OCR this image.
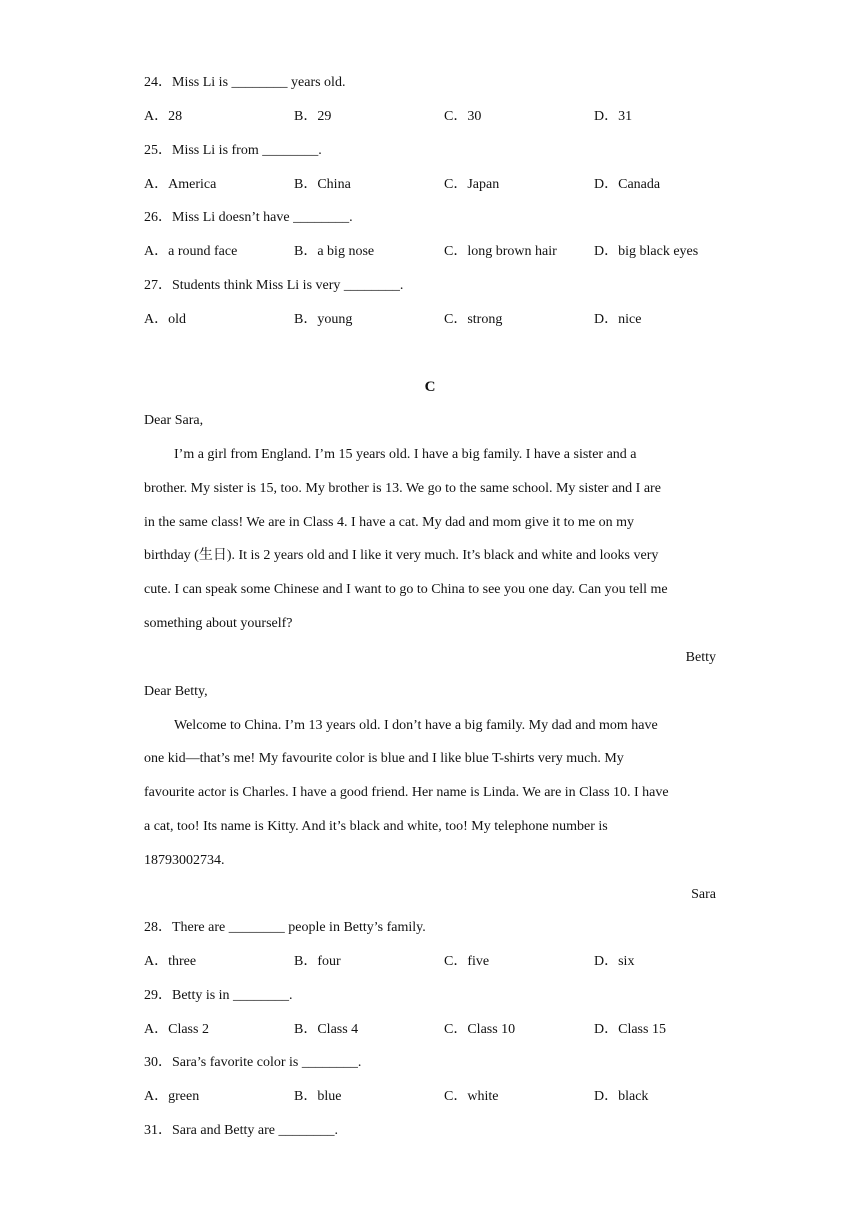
24．Miss Li is ________ years old.
A．28	B．29	C．30	D．31
25．Miss Li is from ________.
A．America	B．China	C．Japan	D．Canada
26．Miss Li doesn’t have ________.
A．a round face	B．a big nose	C．long brown hair	D．big black eyes
27．Students think Miss Li is very ________.
A．old	B．young	C．strong	D．nice
C
Dear Sara,
I’m a girl from England. I’m 15 years old. I have a big family. I have a sister and a
brother. My sister is 15, too. My brother is 13. We go to the same school. My sister and I are
in the same class! We are in Class 4. I have a cat. My dad and mom give it to me on my
birthday (生日). It is 2 years old and I like it very much. It’s black and white and looks very
cute. I can speak some Chinese and I want to go to China to see you one day. Can you tell me
something about yourself?
Betty
Dear Betty,
Welcome to China. I’m 13 years old. I don’t have a big family. My dad and mom have
one kid—that’s me! My favourite color is blue and I like blue T-shirts very much. My
favourite actor is Charles. I have a good friend. Her name is Linda. We are in Class 10. I have
a cat, too! Its name is Kitty. And it’s black and white, too! My telephone number is
18793002734.
Sara
28．There are ________ people in Betty’s family.
A．three	B．four	C．five	D．six
29．Betty is in ________.
A．Class 2	B．Class 4	C．Class 10	D．Class 15
30．Sara’s favorite color is ________.
A．green	B．blue	C．white	D．black
31．Sara and Betty are ________.
